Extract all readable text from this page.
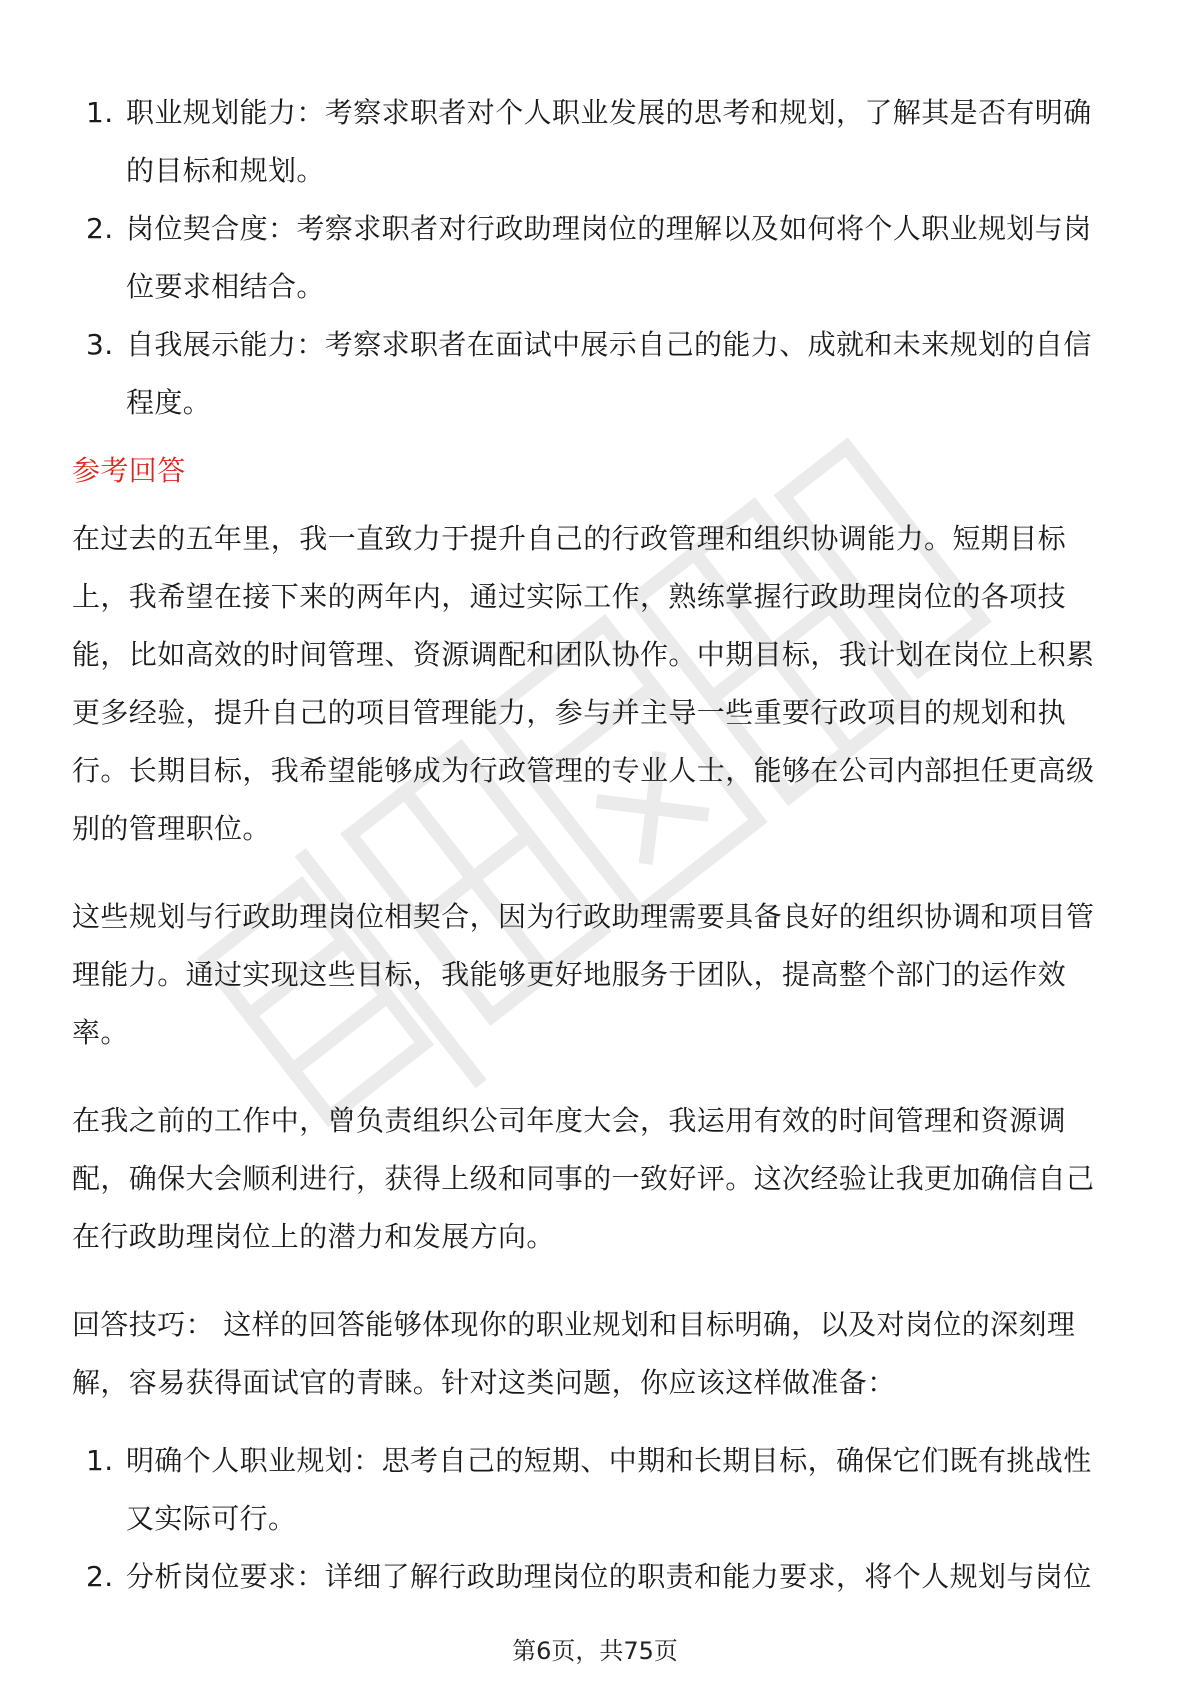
1. 职业规划能力：考察求职者对个人职业发展的思考和规划，了解其是否有明确的目标和规划。
2. 岗位契合度：考察求职者对行政助理岗位的理解以及如何将个人职业规划与岗位要求相结合。
3. 自我展示能力：考察求职者在面试中展示自己的能力、成就和未来规划的自信程度。
参考回答

在过去的五年里，我一直致力于提升自己的行政管理和组织协调能力。短期目标上，我希望在接下来的两年内，通过实际工作，熟练掌握行政助理岗位的各项技能，比如高效的时间管理、资源调配和团队协作。中期目标，我计划在岗位上积累更多经验，提升自己的项目管理能力，参与并主导一些重要行政项目的规划和执行。长期目标，我希望能够成为行政管理的专业人士，能够在公司内部担任更高级别的管理职位。

这些规划与行政助理岗位相契合，因为行政助理需要具备良好的组织协调和项目管理能力。通过实现这些目标，我能够更好地服务于团队，提高整个部门的运作效率。

在我之前的工作中，曾负责组织公司年度大会，我运用有效的时间管理和资源调配，确保大会顺利进行，获得上级和同事的一致好评。这次经验让我更加确信自己在行政助理岗位上的潜力和发展方向。

回答技巧： 这样的回答能够体现你的职业规划和目标明确，以及对岗位的深刻理解，容易获得面试官的青睐。针对这类问题，你应该这样做准备：

1. 明确个人职业规划：思考自己的短期、中期和长期目标，确保它们既有挑战性又实际可行。
2. 分析岗位要求：详细了解行政助理岗位的职责和能力要求，将个人规划与岗位
第6页，共75页
